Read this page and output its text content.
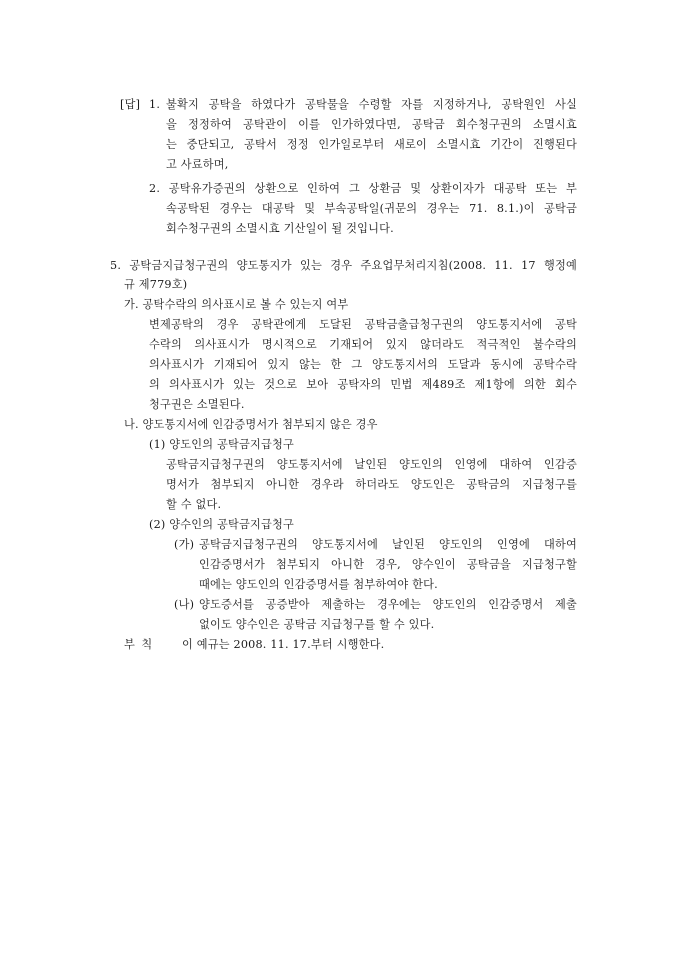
[답] 1. 불확지 공탁을 하였다가 공탁물을 수령할 자를 지정하거나, 공탁원인 사실
을 정정하여 공탁관이 이를 인가하였다면, 공탁금 회수청구권의 소멸시효
는 중단되고, 공탁서 정정 인가일로부터 새로이 소멸시효 기간이 진행된다
고 사료하며,
2. 공탁유가증권의 상환으로 인하여 그 상환금 및 상환이자가 대공탁 또는 부
속공탁된 경우는 대공탁 및 부속공탁일(귀문의 경우는 71. 8.1.)이 공탁금
회수청구권의 소멸시효 기산일이 될 것입니다.
5. 공탁금지급청구권의 양도통지가 있는 경우 주요업무처리지침(2008. 11. 17 행정예
규 제779호)
가. 공탁수락의 의사표시로 볼 수 있는지 여부
변제공탁의 경우 공탁관에게 도달된 공탁금출급청구권의 양도통지서에 공탁
수락의 의사표시가 명시적으로 기재되어 있지 않더라도 적극적인 불수락의
의사표시가 기재되어 있지 않는 한 그 양도통지서의 도달과 동시에 공탁수락
의 의사표시가 있는 것으로 보아 공탁자의 민법 제489조 제1항에 의한 회수
청구권은 소멸된다.
나. 양도통지서에 인감증명서가 첨부되지 않은 경우
(1) 양도인의 공탁금지급청구
공탁금지급청구권의 양도통지서에 날인된 양도인의 인영에 대하여 인감증
명서가 첨부되지 아니한 경우라 하더라도 양도인은 공탁금의 지급청구를
할 수 없다.
(2) 양수인의 공탁금지급청구
(가) 공탁금지급청구권의 양도통지서에 날인된 양도인의 인영에 대하여
인감증명서가 첨부되지 아니한 경우, 양수인이 공탁금을 지급청구할
때에는 양도인의 인감증명서를 첨부하여야 한다.
(나) 양도증서를 공증받아 제출하는 경우에는 양도인의 인감증명서 제출
없이도 양수인은 공탁금 지급청구를 할 수 있다.
부 칙	이 예규는 2008. 11. 17.부터 시행한다.
